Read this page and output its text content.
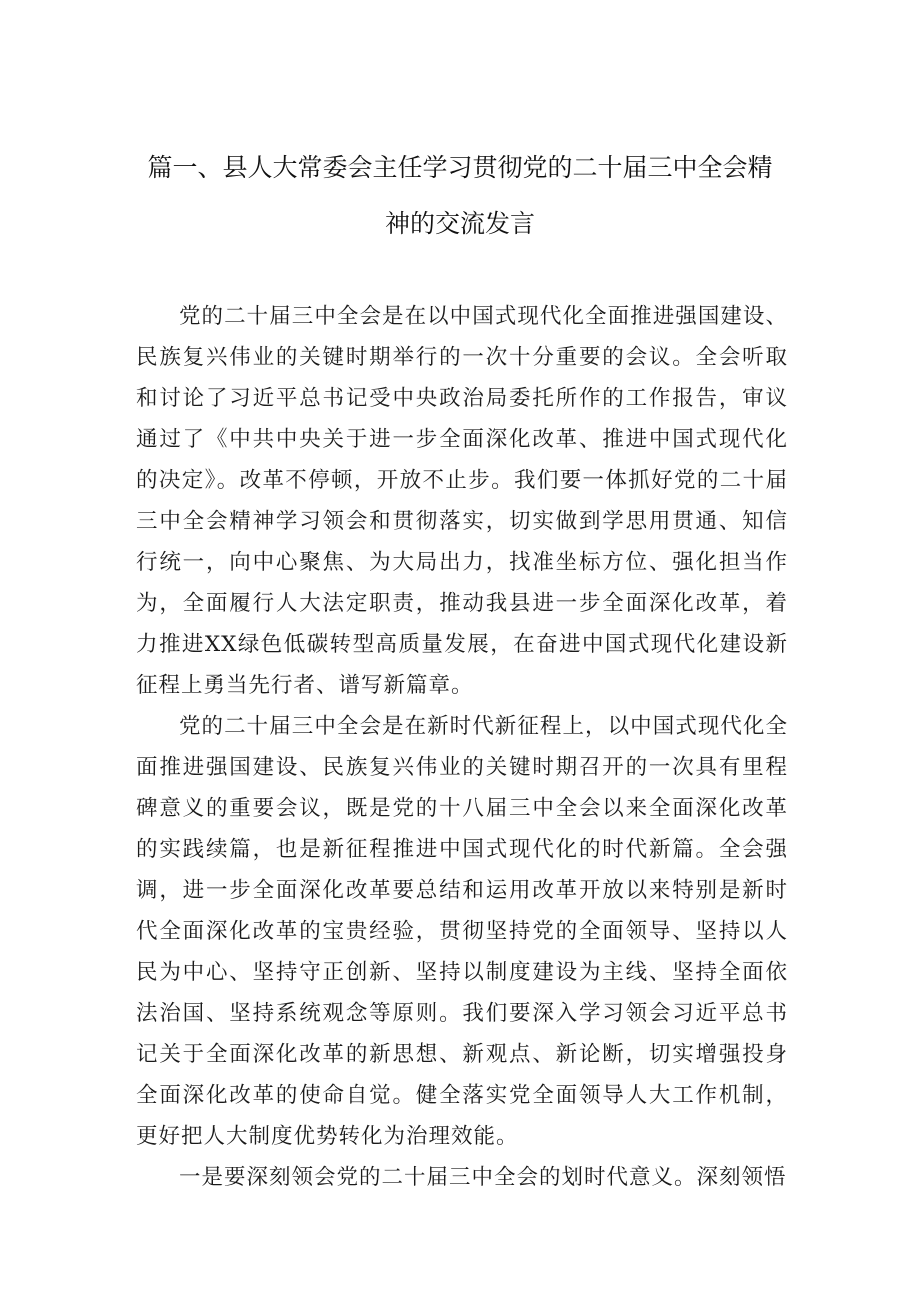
篇一、县人大常委会主任学习贯彻党的二十届三中全会精
神的交流发言

党的二十届三中全会是在以中国式现代化全面推进强国建设、民族复兴伟业的关键时期举行的一次十分重要的会议。全会听取和讨论了习近平总书记受中央政治局委托所作的工作报告，审议通过了《中共中央关于进一步全面深化改革、推进中国式现代化的决定》。改革不停顿，开放不止步。我们要一体抓好党的二十届三中全会精神学习领会和贯彻落实，切实做到学思用贯通、知信行统一，向中心聚焦、为大局出力，找准坐标方位、强化担当作为，全面履行人大法定职责，推动我县进一步全面深化改革，着力推进XX绿色低碳转型高质量发展，在奋进中国式现代化建设新征程上勇当先行者、谱写新篇章。

党的二十届三中全会是在新时代新征程上，以中国式现代化全面推进强国建设、民族复兴伟业的关键时期召开的一次具有里程碑意义的重要会议，既是党的十八届三中全会以来全面深化改革的实践续篇，也是新征程推进中国式现代化的时代新篇。全会强调，进一步全面深化改革要总结和运用改革开放以来特别是新时代全面深化改革的宝贵经验，贯彻坚持党的全面领导、坚持以人民为中心、坚持守正创新、坚持以制度建设为主线、坚持全面依法治国、坚持系统观念等原则。我们要深入学习领会习近平总书记关于全面深化改革的新思想、新观点、新论断，切实增强投身全面深化改革的使命自觉。健全落实党全面领导人大工作机制，更好把人大制度优势转化为治理效能。

一是要深刻领会党的二十届三中全会的划时代意义。深刻领悟
